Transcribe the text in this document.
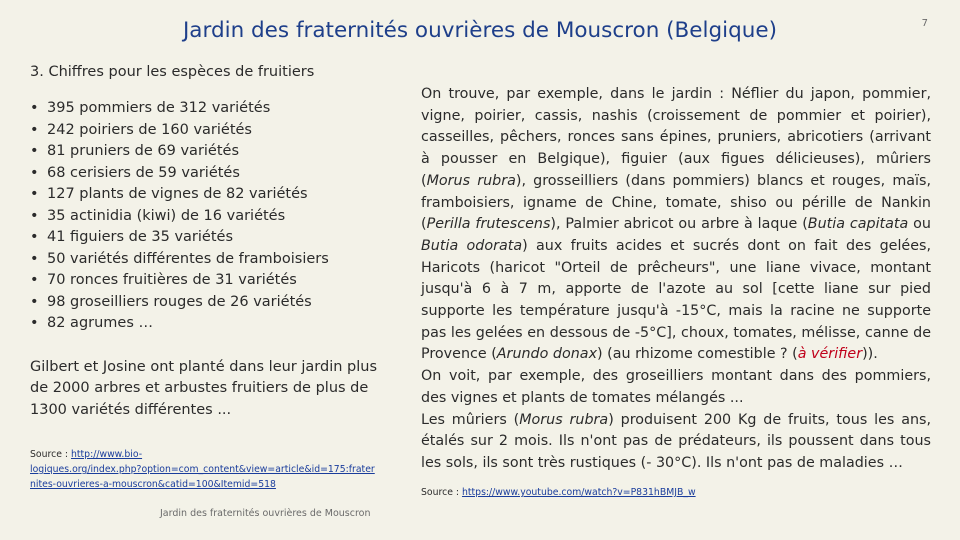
Jardin des fraternités ouvrières de Mouscron (Belgique)	7
3. Chiffres pour les espèces de fruitiers
• 395 pommiers de 312 variétés
• 242 poiriers de 160 variétés
• 81 pruniers de 69 variétés
• 68 cerisiers de 59 variétés
• 127 plants de vignes de 82 variétés
• 35 actinidia (kiwi) de 16 variétés
• 41 figuiers de 35 variétés
• 50 variétés différentes de framboisiers
• 70 ronces fruitières de 31 variétés
• 98 groseilliers rouges de 26 variétés
• 82 agrumes …
Gilbert et Josine ont planté dans leur jardin plus de 2000 arbres et arbustes fruitiers de plus de 1300 variétés différentes ...
Source : http://www.bio-
logiques.org/index.php?option=com_content&view=article&id=175:frater
nites-ouvrieres-a-mouscron&catid=100&Itemid=518
Jardin des fraternités ouvrières de Mouscron

On trouve, par exemple, dans le jardin : Néflier du japon, pommier, vigne, poirier, cassis, nashis (croissement de pommier et poirier), casseilles, pêchers, ronces sans épines, pruniers, abricotiers (arrivant à pousser en Belgique), figuier (aux figues délicieuses), mûriers (Morus rubra), grosseilliers (dans pommiers) blancs et rouges, maïs, framboisiers, igname de Chine, tomate, shiso ou pérille de Nankin (Perilla frutescens), Palmier abricot ou arbre à laque (Butia capitata ou Butia odorata) aux fruits acides et sucrés dont on fait des gelées, Haricots (haricot "Orteil de prêcheurs", une liane vivace, montant jusqu'à 6 à 7 m, apporte de l'azote au sol [cette liane sur pied supporte les température jusqu'à -15°C, mais la racine ne supporte pas les gelées en dessous de -5°C], choux, tomates, mélisse, canne de Provence (Arundo donax) (au rhizome comestible ? (à vérifier)).

On voit, par exemple, des groseilliers montant dans des pommiers, des vignes et plants de tomates mélangés ...

Les mûriers (Morus rubra) produisent 200 Kg de fruits, tous les ans, étalés sur 2 mois. Ils n'ont pas de prédateurs, ils poussent dans tous les sols, ils sont très rustiques (- 30°C). Ils n'ont pas de maladies …

Source : https://www.youtube.com/watch?v=P831hBMJB_w
